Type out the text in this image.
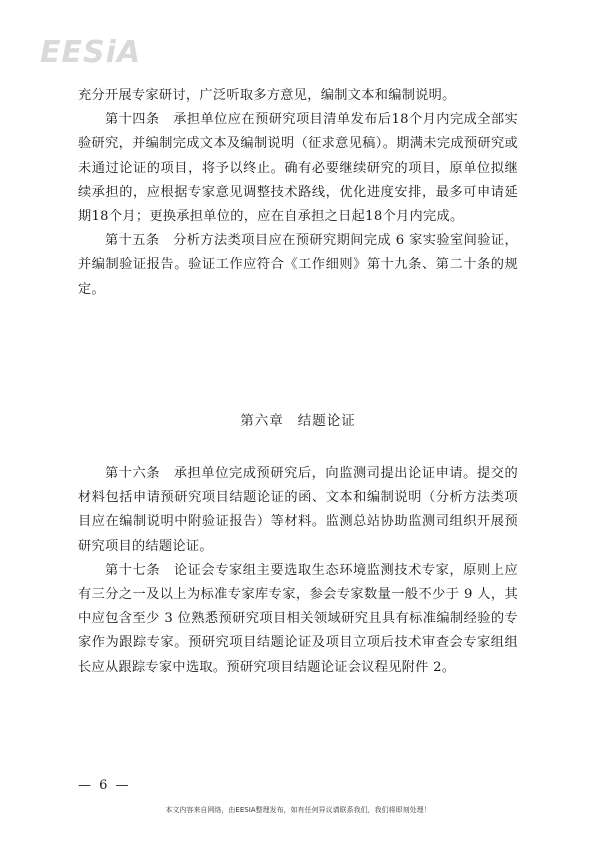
EESiA

充分开展专家研讨，广泛听取多方意见，编制文本和编制说明。

第十四条　承担单位应在预研究项目清单发布后18个月内完成全部实验研究，并编制完成文本及编制说明（征求意见稿）。期满未完成预研究或未通过论证的项目，将予以终止。确有必要继续研究的项目，原单位拟继续承担的，应根据专家意见调整技术路线，优化进度安排，最多可申请延期18个月；更换承担单位的，应在自承担之日起18个月内完成。

第十五条　分析方法类项目应在预研究期间完成 6 家实验室间验证，并编制验证报告。验证工作应符合《工作细则》第十九条、第二十条的规定。

第六章 结题论证

第十六条　承担单位完成预研究后，向监测司提出论证申请。提交的材料包括申请预研究项目结题论证的函、文本和编制说明（分析方法类项目应在编制说明中附验证报告）等材料。监测总站协助监测司组织开展预研究项目的结题论证。

第十七条　论证会专家组主要选取生态环境监测技术专家，原则上应有三分之一及以上为标准专家库专家，参会专家数量一般不少于 9 人，其中应包含至少 3 位熟悉预研究项目相关领域研究且具有标准编制经验的专家作为跟踪专家。预研究项目结题论证及项目立项后技术审查会专家组组长应从跟踪专家中选取。预研究项目结题论证会议程见附件 2。

— 6 —
本文内容来自网络，由EESIA整理发布，如有任何异议请联系我们，我们将即刻处理！
